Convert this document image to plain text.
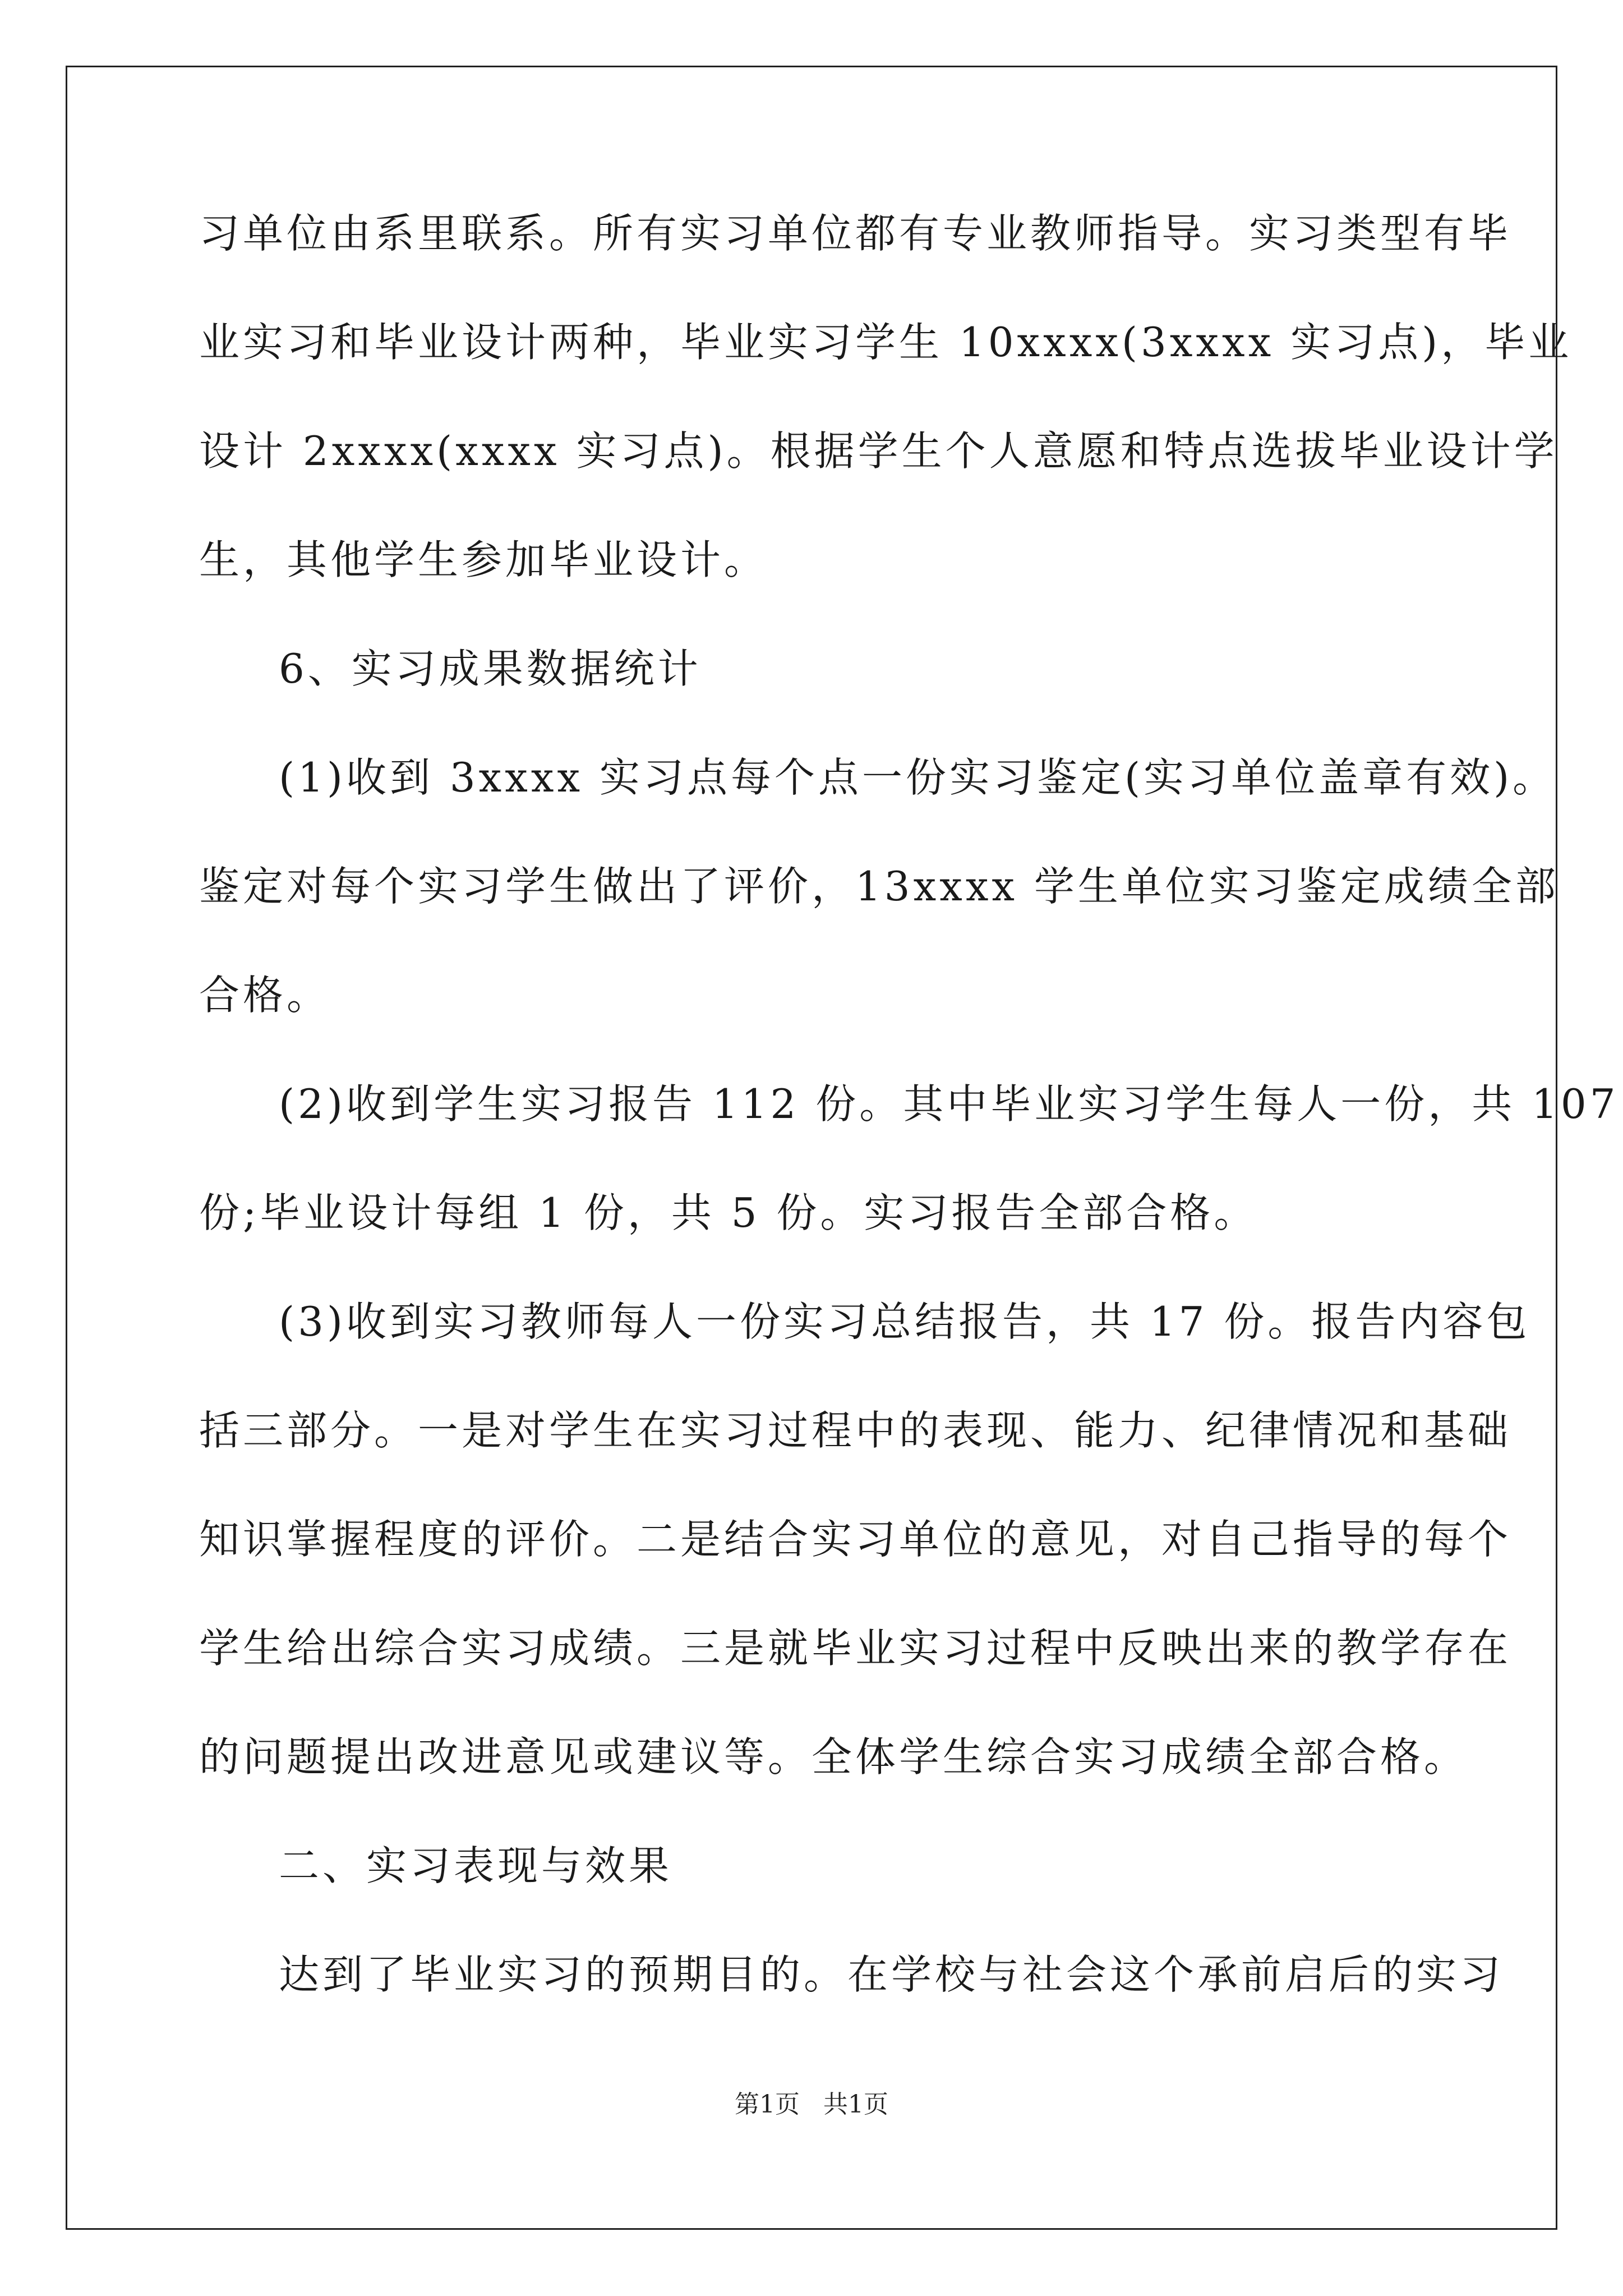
习单位由系里联系。所有实习单位都有专业教师指导。实习类型有毕
业实习和毕业设计两种，毕业实习学生 10xxxx(3xxxx 实习点)，毕业
设计 2xxxx(xxxx 实习点)。根据学生个人意愿和特点选拔毕业设计学
生，其他学生参加毕业设计。
6、实习成果数据统计
(1)收到 3xxxx 实习点每个点一份实习鉴定(实习单位盖章有效)。
鉴定对每个实习学生做出了评价，13xxxx 学生单位实习鉴定成绩全部
合格。
(2)收到学生实习报告 112 份。其中毕业实习学生每人一份，共 107
份;毕业设计每组 1 份，共 5 份。实习报告全部合格。
(3)收到实习教师每人一份实习总结报告，共 17 份。报告内容包
括三部分。一是对学生在实习过程中的表现、能力、纪律情况和基础
知识掌握程度的评价。二是结合实习单位的意见，对自己指导的每个
学生给出综合实习成绩。三是就毕业实习过程中反映出来的教学存在
的问题提出改进意见或建议等。全体学生综合实习成绩全部合格。
二、实习表现与效果
达到了毕业实习的预期目的。在学校与社会这个承前启后的实习
第1页   共1页
